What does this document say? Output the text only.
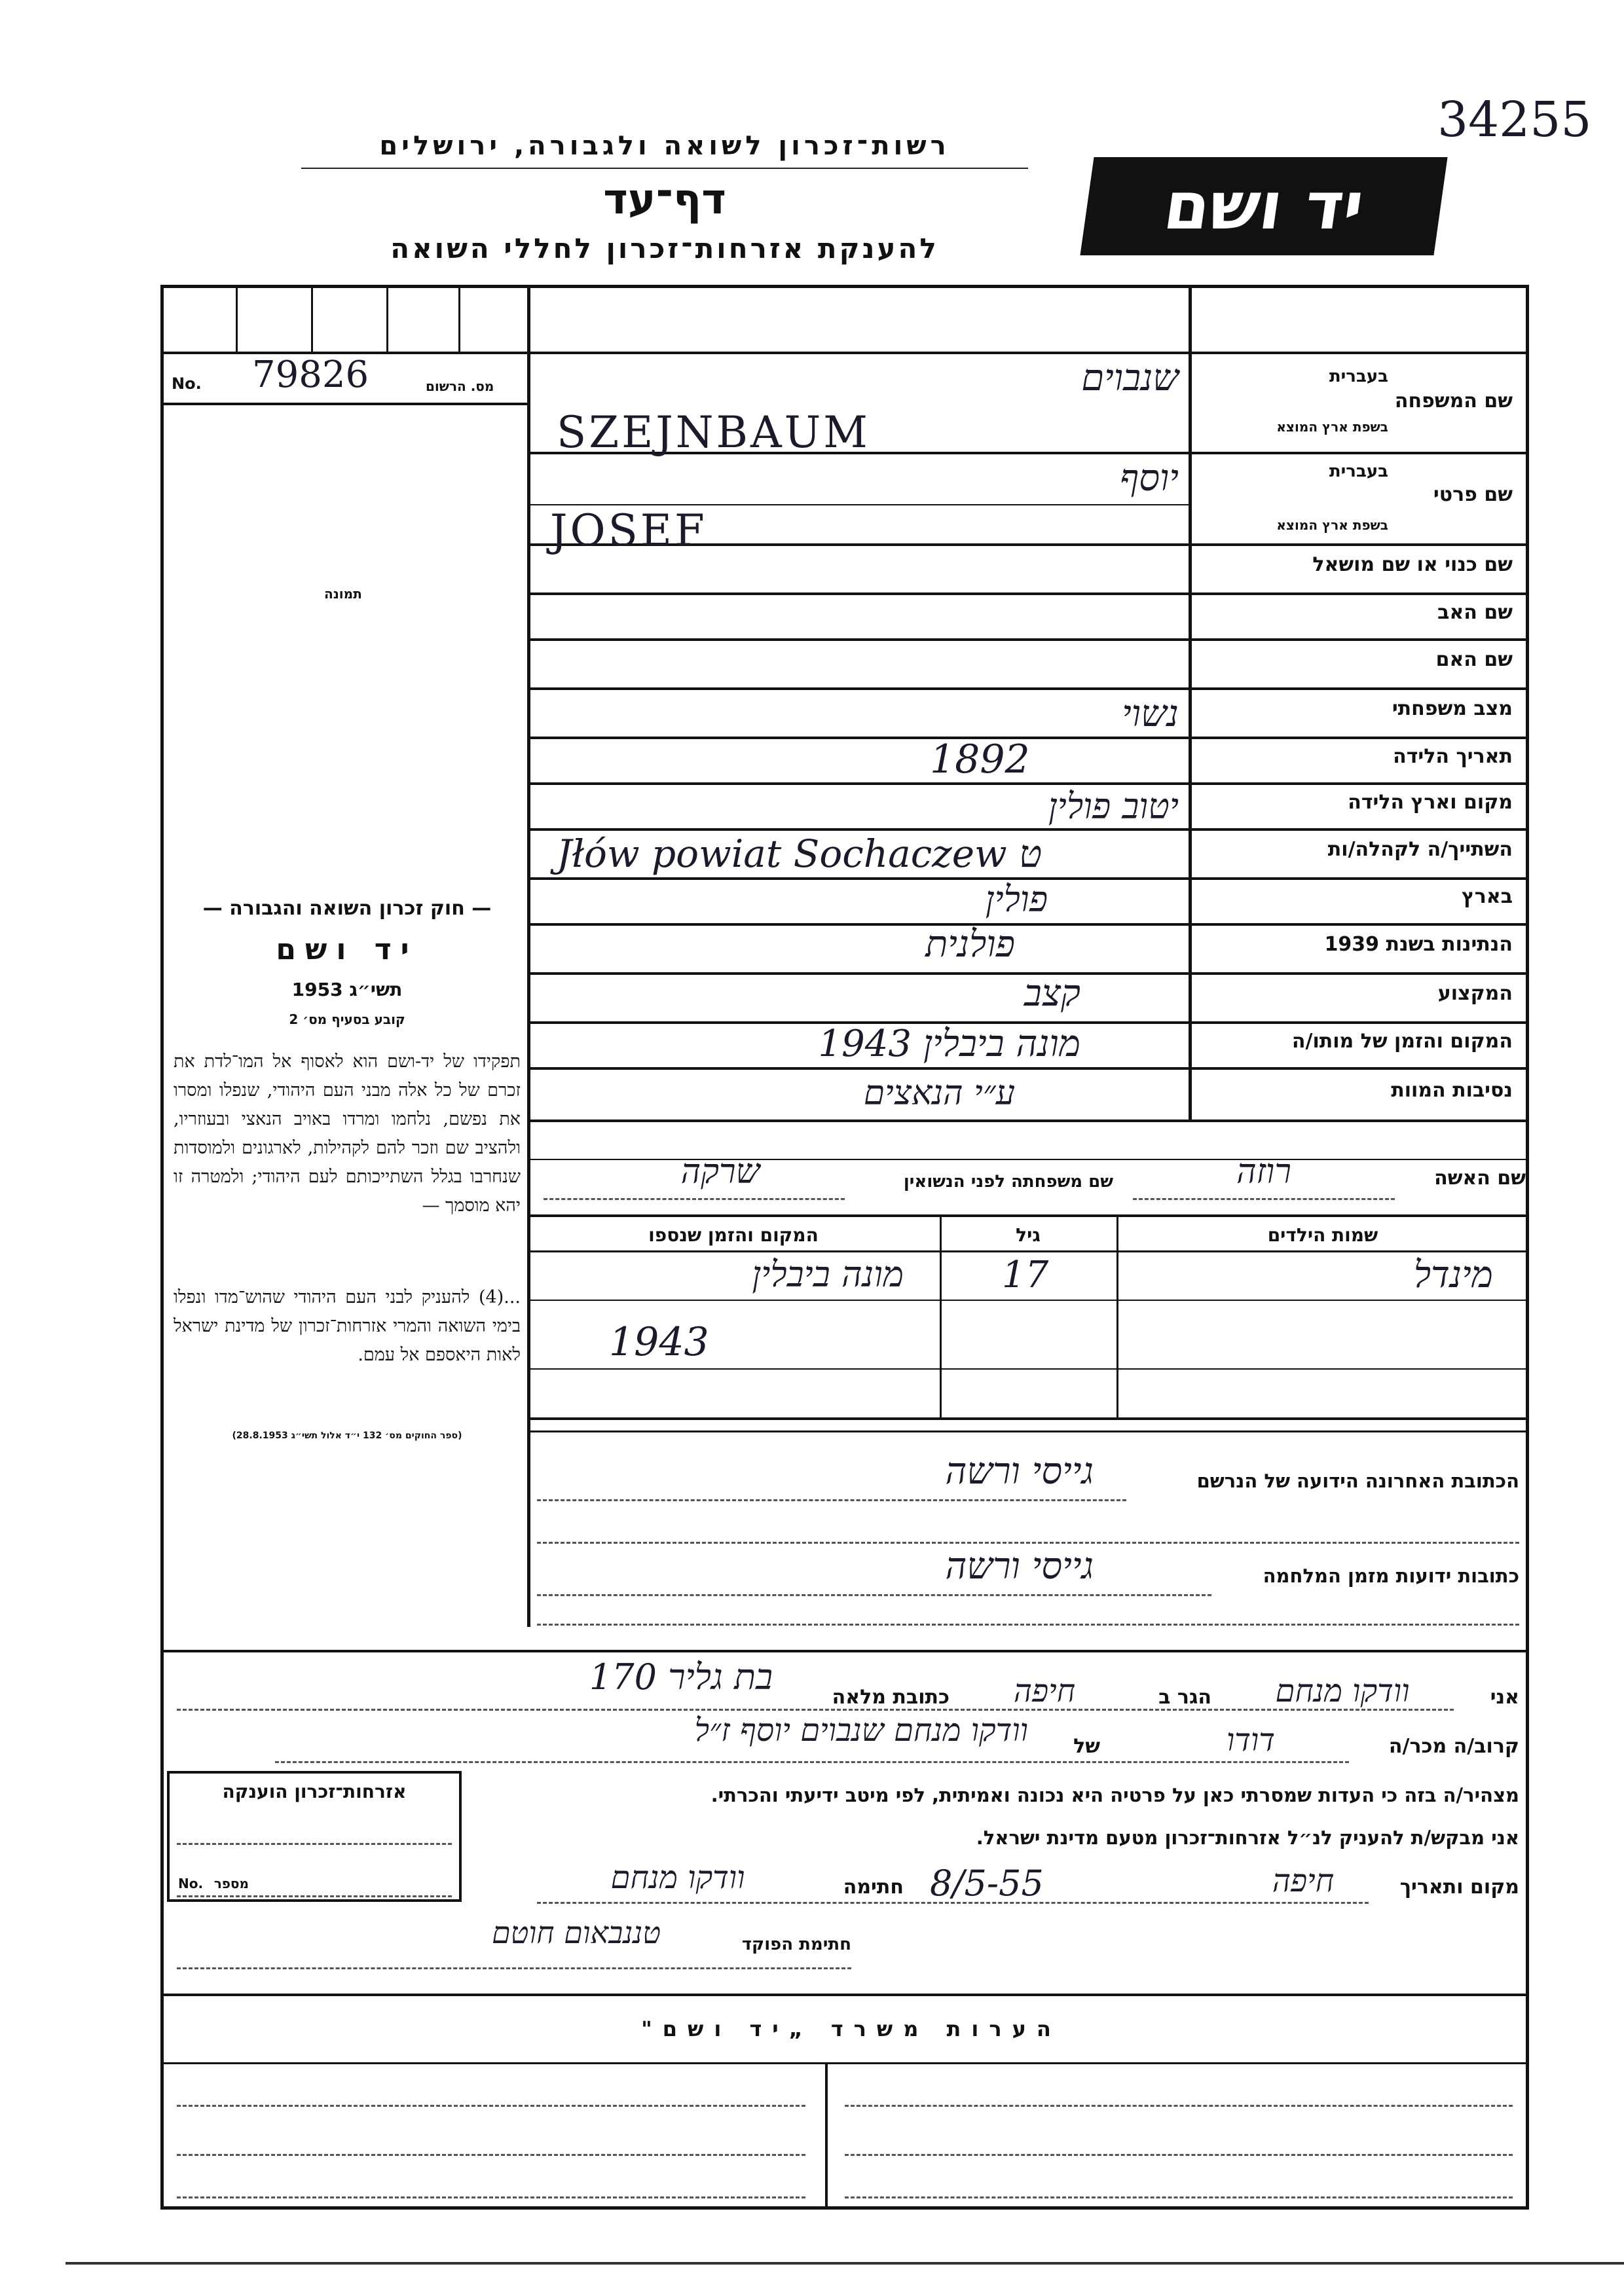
34255
רשות־זכרון לשואה ולגבורה, ירושלים
דף־עד
להענקת אזרחות־זכרון לחללי השואה
יד ושם
No. 79826	מס. הרשום
תמונה
שם המשפחה
בעברית
בשפת ארץ המוצא
שנבוים
SZEJNBAUM
שם פרטי
בעברית
בשפת ארץ המוצא
יוסף
JOSEF
שם כנוי או שם מושאל
שם האב
שם האם
מצב משפחתי
נשוי
תאריך הלידה
1892
מקום וארץ הלידה
יטוב פולין
השתייך/ה לקהלה/ות
Jłów powiat Sochaczew ט
בארץ
פולין
הנתינות בשנת 1939
פולנית
המקצוע
קצב
המקום והזמן של מותו/ה
מונה ביבלין 1943
נסיבות המוות
ע״י הנאצים
שם האשה
רוזה
שם משפחתה לפני הנשואין
שרקה
שמות הילדים
גיל
המקום והזמן שנספו
מינדל
17
מונה ביבלין
1943
— חוק זכרון השואה והגבורה —
יד ושם
תשי״ג 1953
קובע בסעיף מס׳ 2
תפקידו של יד-ושם הוא לאסוף אל המו־לדת את זכרם של כל אלה מבני העם היהודי, שנפלו ומסרו את נפשם, נלחמו ומרדו באויב הנאצי ובעוזריו, ולהציב שם וזכר להם לקהילות, לארגונים ולמוסדות שנחרבו בגלל השתייכותם לעם היהודי; ולמטרה זו יהא מוסמך —
...(4) להעניק לבני העם היהודי שהוש־מדו ונפלו בימי השואה והמרי אזרחות־זכרון של מדינת ישראל לאות היאספם אל עמם.
(ספר החוקים מס׳ 132 י״ד אלול תשי״ג 28.8.1953)
הכתובת האחרונה הידועה של הנרשם
גייסי ורשה
כתובות ידועות מזמן המלחמה
גייסי ורשה
אני
וודקו מנחם
הגר ב
חיפה
כתובת מלאה
בת גליר 170
קרוב/ה מכר/ה
דודו
של
וודקו מנחם שנבוים יוסף ז״ל
מצהיר/ה בזה כי העדות שמסרתי כאן על פרטיה היא נכונה ואמיתית, לפי מיטב ידיעתי והכרתי.
אני מבקש/ת להעניק לנ״ל אזרחות־זכרון מטעם מדינת ישראל.
מקום ותאריך
חיפה
8/5-55
חתימה
וודקו מנחם
חתימת הפוקד
טננבאום חוטם
אזרחות־זכרון הוענקה
No. מספר
הערות משרד „יד ושם"
